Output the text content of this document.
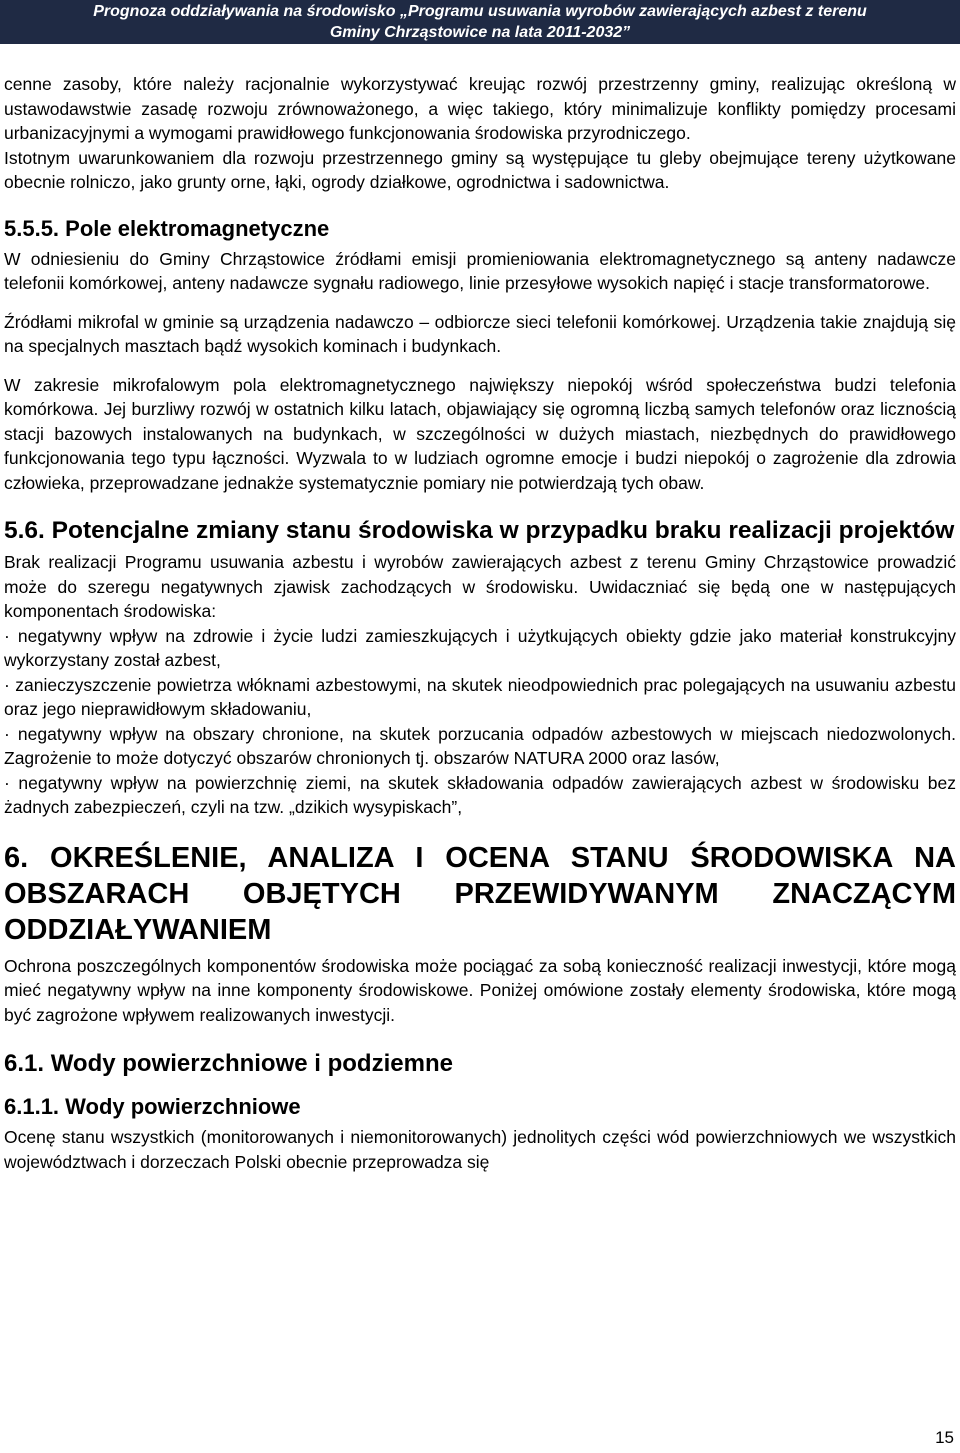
Prognoza oddziaływania na środowisko „Programu usuwania wyrobów zawierających azbest z terenu
Gminy Chrząstowice na lata 2011-2032”

cenne zasoby, które należy racjonalnie wykorzystywać kreując rozwój przestrzenny gminy, realizując określoną w ustawodawstwie zasadę rozwoju zrównoważonego, a więc takiego, który minimalizuje konflikty pomiędzy procesami urbanizacyjnymi a wymogami prawidłowego funkcjonowania środowiska przyrodniczego.

Istotnym uwarunkowaniem dla rozwoju przestrzennego gminy są występujące tu gleby obejmujące tereny użytkowane obecnie rolniczo, jako grunty orne, łąki, ogrody działkowe, ogrodnictwa i sadownictwa.

5.5.5. Pole elektromagnetyczne

W odniesieniu do Gminy Chrząstowice źródłami emisji promieniowania elektromagnetycznego są anteny nadawcze telefonii komórkowej, anteny nadawcze sygnału radiowego, linie przesyłowe wysokich napięć i stacje transformatorowe.

Źródłami mikrofal w gminie są urządzenia nadawczo – odbiorcze sieci telefonii komórkowej. Urządzenia takie znajdują się na specjalnych masztach bądź wysokich kominach i budynkach.

W zakresie mikrofalowym pola elektromagnetycznego największy niepokój wśród społeczeństwa budzi telefonia komórkowa. Jej burzliwy rozwój w ostatnich kilku latach, objawiający się ogromną liczbą samych telefonów oraz licznością stacji bazowych instalowanych na budynkach, w szczególności w dużych miastach, niezbędnych do prawidłowego funkcjonowania tego typu łączności. Wyzwala to w ludziach ogromne emocje i budzi niepokój o zagrożenie dla zdrowia człowieka, przeprowadzane jednakże systematycznie pomiary nie potwierdzają tych obaw.

5.6. Potencjalne zmiany stanu środowiska w przypadku braku realizacji projektów

Brak realizacji Programu usuwania azbestu i wyrobów zawierających azbest z terenu Gminy Chrząstowice prowadzić może do szeregu negatywnych zjawisk zachodzących w środowisku. Uwidaczniać się będą one w następujących komponentach środowiska:

· negatywny wpływ na zdrowie i życie ludzi zamieszkujących i użytkujących obiekty gdzie jako materiał konstrukcyjny wykorzystany został azbest,

· zanieczyszczenie powietrza włóknami azbestowymi, na skutek nieodpowiednich prac polegających na usuwaniu azbestu oraz jego nieprawidłowym składowaniu,

· negatywny wpływ na obszary chronione, na skutek porzucania odpadów azbestowych w miejscach niedozwolonych. Zagrożenie to może dotyczyć obszarów chronionych tj. obszarów NATURA 2000 oraz lasów,

· negatywny wpływ na powierzchnię ziemi, na skutek składowania odpadów zawierających azbest w środowisku bez żadnych zabezpieczeń, czyli na tzw. „dzikich wysypiskach”,

6. OKREŚLENIE, ANALIZA I OCENA STANU ŚRODOWISKA NA OBSZARACH OBJĘTYCH PRZEWIDYWANYM ZNACZĄCYM ODDZIAŁYWANIEM

Ochrona poszczególnych komponentów środowiska może pociągać za sobą konieczność realizacji inwestycji, które mogą mieć negatywny wpływ na inne komponenty środowiskowe. Poniżej omówione zostały elementy środowiska, które mogą być zagrożone wpływem realizowanych inwestycji.

6.1. Wody powierzchniowe i podziemne
6.1.1. Wody powierzchniowe

Ocenę stanu wszystkich (monitorowanych i niemonitorowanych) jednolitych części wód powierzchniowych we wszystkich województwach i dorzeczach Polski obecnie przeprowadza się

15
